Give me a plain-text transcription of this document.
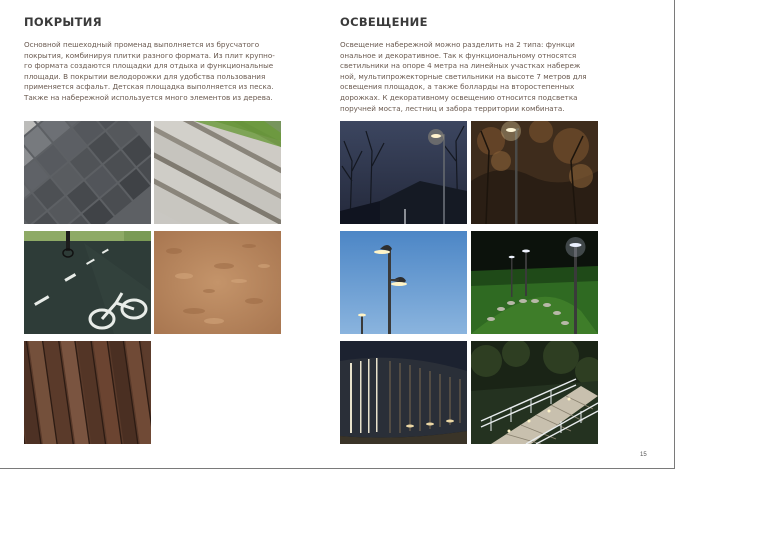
ПОКРЫТИЯ
Основной пешеходный променад выполняется из брусчатого
покрытия, комбинируя плитки разного формата. Из плит крупно-
го формата создаются площадки для отдыха и функциональные
площади. В покрытии велодорожки для удобства пользования
применяется асфальт. Детская площадка выполняется из песка.
Также на набережной используется много элементов из дерева.
ОСВЕЩЕНИЕ
Освещение набережной можно разделить на 2 типа: функци
ональное и декоративное. Так к функциональному относятся
светильники на опоре 4 метра на линейных участках набереж
ной, мультипрожекторные светильники на высоте 7 метров для
освещения площадок, а также болларды на второстепенных
дорожках. К декоративному освещению относится подсветка
поручней моста, лестниц и забора территории комбината.
15
